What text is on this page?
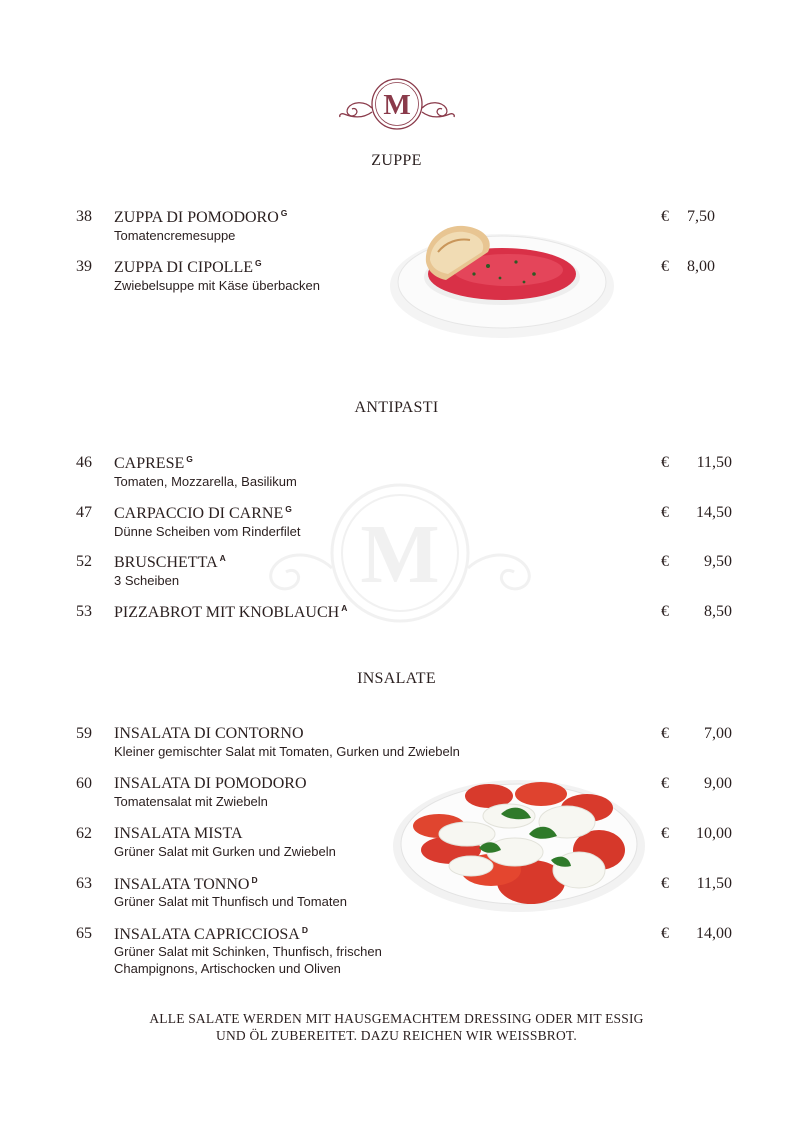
M
M
ZUPPE
38 ZUPPA DI POMODORO $^G$
Tomatencremesuppe
€ 7,50
39 ZUPPA DI CIPOLLE $^G$
Zwiebelsuppe mit Käse überbacken
€ 8,00
ANTIPASTI
46 CAPRESE $^G$
Tomaten, Mozzarella, Basilikum
€	11,50
47 CARPACCIO DI CARNE $^G$
Dünne Scheiben vom Rinderfilet
€	14,50
52 BRUSCHETTA $^A$
3 Scheiben
€	9,50
53 PIZZABROT MIT KNOBLAUCH $^A$	€	8,50
INSALATE
59 INSALATA DI CONTORNO
Kleiner gemischter Salat mit Tomaten, Gurken und Zwiebeln
€	7,00
60 INSALATA DI POMODORO
Tomatensalat mit Zwiebeln
€	9,00
62 INSALATA MISTA
Grüner Salat mit Gurken und Zwiebeln
€	10,00
63 INSALATA TONNO $^D$
Grüner Salat mit Thunfisch und Tomaten
€	11,50
65 INSALATA CAPRICCIOSA $^D$
Grüner Salat mit Schinken, Thunfisch, frischen
Champignons, Artischocken und Oliven
€	14,00
ALLE SALATE WERDEN MIT HAUSGEMACHTEM DRESSING ODER MIT ESSIG
UND ÖL ZUBEREITET. DAZU REICHEN WIR WEISSBROT.
